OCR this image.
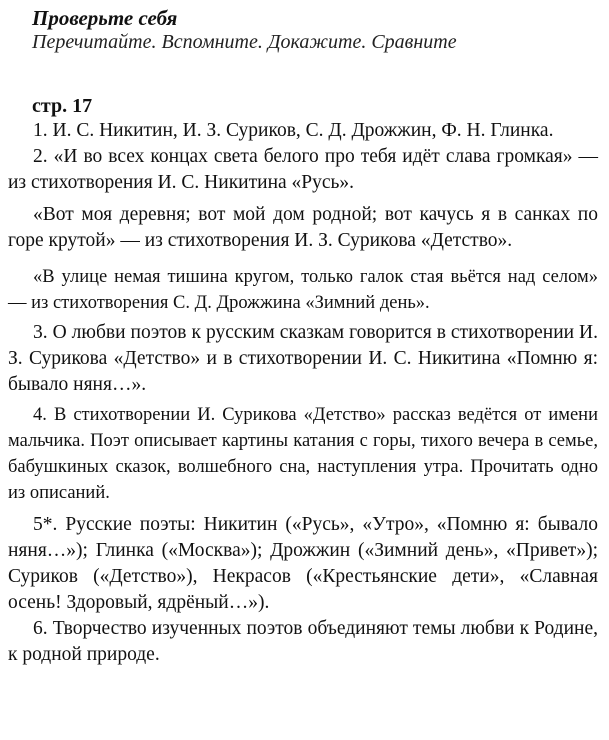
Проверьте себя
Перечитайте. Вспомните. Докажите. Сравните
стр. 17

1. И. С. Никитин, И. З. Суриков, С. Д. Дрожжин, Ф. Н. Глинка.

2. «И во всех концах света белого про тебя идёт слава громкая» — из стихотворения И. С. Никитина «Русь».

«Вот моя деревня; вот мой дом родной; вот качусь я в санках по горе крутой» — из стихотворения И. З. Сурикова «Детство».

«В улице немая тишина кругом, только галок стая вьётся над селом» — из стихотворения С. Д. Дрожжина «Зимний день».

3. О любви поэтов к русским сказкам говорится в стихотворении И. З. Сурикова «Детство» и в стихотворении И. С. Никитина «Помню я: бывало няня…».

4. В стихотворении И. Сурикова «Детство» рассказ ведётся от имени мальчика. Поэт описывает картины катания с горы, тихого вечера в семье, бабушкиных сказок, волшебного сна, наступления утра. Прочитать одно из описаний.

5*. Русские поэты: Никитин («Русь», «Утро», «Помню я: бывало няня…»); Глинка («Москва»); Дрожжин («Зимний день», «Привет»); Суриков («Детство»), Некрасов («Крестьянские дети», «Славная осень! Здоровый, ядрёный…»).

6. Творчество изученных поэтов объединяют темы любви к Родине, к родной природе.
